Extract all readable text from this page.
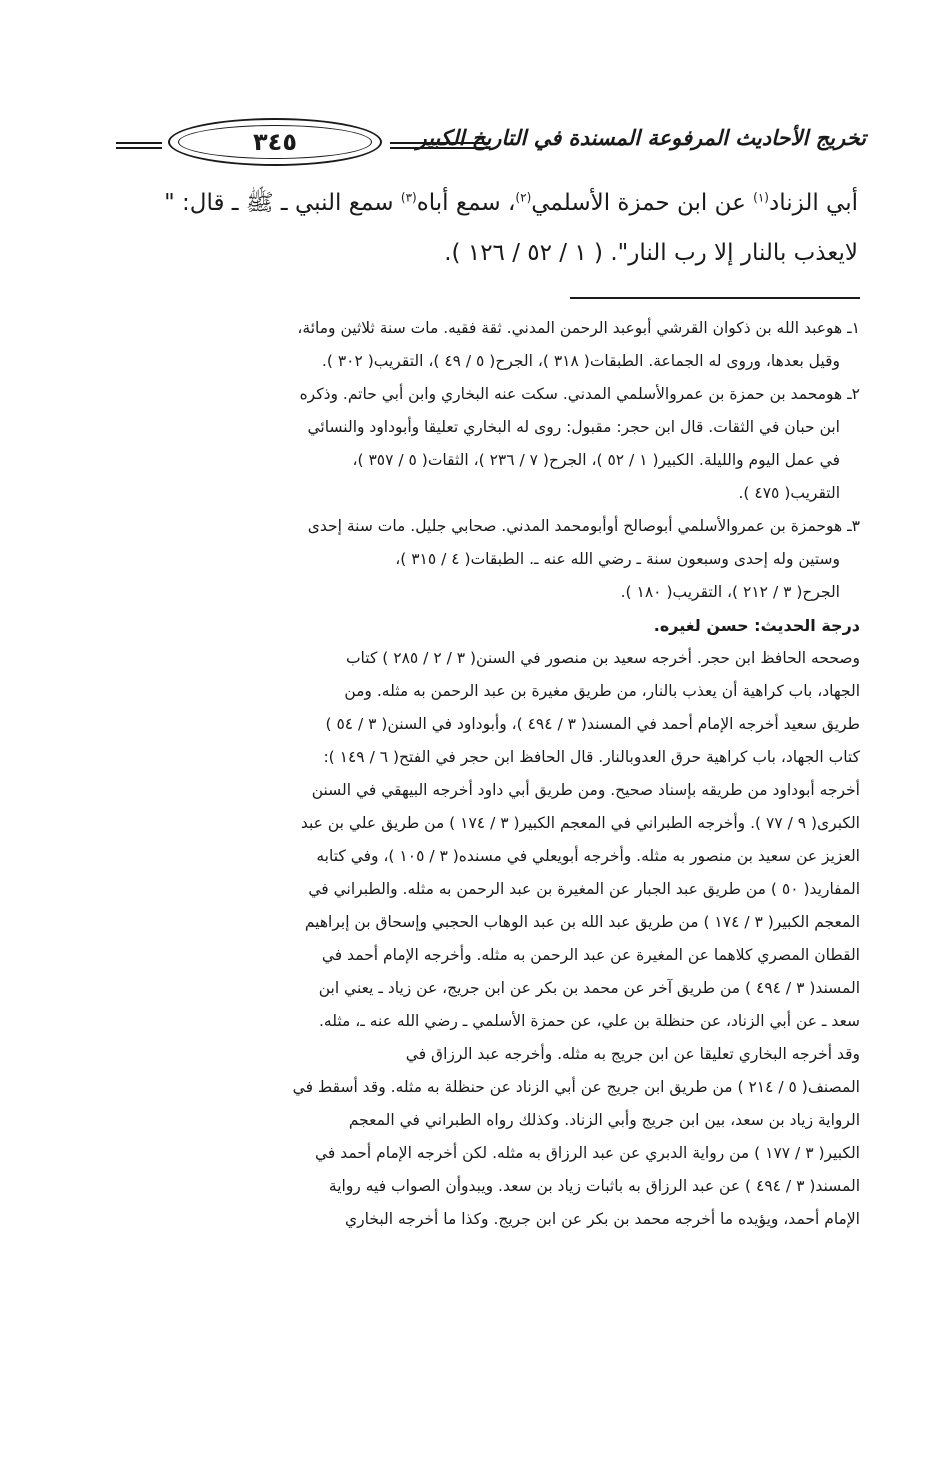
تخريج الأحاديث المرفوعة المسندة في التاريخ الكبير
٣٤٥

أبي الزناد$^{(١)}$ عن ابن حمزة الأسلمي$^{(٢)}$، سمع أباه$^{(٣)}$ سمع النبي ـ ﷺ ـ قال: "

لايعذب بالنار إلا رب النار". ( ١ / ٥٢ / ١٢٦ ).

١ـ هوعبد الله بن ذكوان القرشي أبوعبد الرحمن المدني. ثقة فقيه. مات سنة ثلاثين ومائة،
وقيل بعدها، وروى له الجماعة. الطبقات( ٣١٨ )، الجرح( ٥ / ٤٩ )، التقريب( ٣٠٢ ).
٢ـ هومحمد بن حمزة بن عمروالأسلمي المدني. سكت عنه البخاري وابن أبي حاتم. وذكره
ابن حبان في الثقات. قال ابن حجر: مقبول: روى له البخاري تعليقا وأبوداود والنسائي
في عمل اليوم والليلة. الكبير( ١ / ٥٢ )، الجرح( ٧ / ٢٣٦ )، الثقات( ٥ / ٣٥٧ )،
التقريب( ٤٧٥ ).
٣ـ هوحمزة بن عمروالأسلمي أبوصالح أوأبومحمد المدني. صحابي جليل. مات سنة إحدى
وستين وله إحدى وسبعون سنة ـ رضي الله عنه ـ. الطبقات( ٤ / ٣١٥ )،
الجرح( ٣ / ٢١٢ )، التقريب( ١٨٠ ).

درجة الحديث: حسن لغيره.

وصححه الحافظ ابن حجر. أخرجه سعيد بن منصور في السنن( ٣ / ٢ / ٢٨٥ ) كتاب
الجهاد، باب كراهية أن يعذب بالنار، من طريق مغيرة بن عبد الرحمن به مثله. ومن
طريق سعيد أخرجه الإمام أحمد في المسند( ٣ / ٤٩٤ )، وأبوداود في السنن( ٣ / ٥٤ )
كتاب الجهاد، باب كراهية حرق العدوبالنار. قال الحافظ ابن حجر في الفتح( ٦ / ١٤٩ ):
أخرجه أبوداود من طريقه بإسناد صحيح. ومن طريق أبي داود أخرجه البيهقي في السنن
الكبرى( ٩ / ٧٧ ). وأخرجه الطبراني في المعجم الكبير( ٣ / ١٧٤ ) من طريق علي بن عبد
العزيز عن سعيد بن منصور به مثله. وأخرجه أبويعلي في مسنده( ٣ / ١٠٥ )، وفي كتابه
المفاريد( ٥٠ ) من طريق عبد الجبار عن المغيرة بن عبد الرحمن به مثله. والطبراني في
المعجم الكبير( ٣ / ١٧٤ ) من طريق عبد الله بن عبد الوهاب الحجبي وإسحاق بن إبراهيم
القطان المصري كلاهما عن المغيرة عن عبد الرحمن به مثله. وأخرجه الإمام أحمد في
المسند( ٣ / ٤٩٤ ) من طريق آخر عن محمد بن بكر عن ابن جريج، عن زياد ـ يعني ابن
سعد ـ عن أبي الزناد، عن حنظلة بن علي، عن حمزة الأسلمي ـ رضي الله عنه ـ، مثله.
وقد أخرجه البخاري تعليقا عن ابن جريج به مثله. وأخرجه عبد الرزاق في
المصنف( ٥ / ٢١٤ ) من طريق ابن جريج عن أبي الزناد عن حنظلة به مثله. وقد أسقط في
الرواية زياد بن سعد، بين ابن جريج وأبي الزناد. وكذلك رواه الطبراني في المعجم
الكبير( ٣ / ١٧٧ ) من رواية الدبري عن عبد الرزاق به مثله. لكن أخرجه الإمام أحمد في
المسند( ٣ / ٤٩٤ ) عن عبد الرزاق به باثبات زياد بن سعد. ويبدوأن الصواب فيه رواية
الإمام أحمد، ويؤيده ما أخرجه محمد بن بكر عن ابن جريج. وكذا ما أخرجه البخاري
